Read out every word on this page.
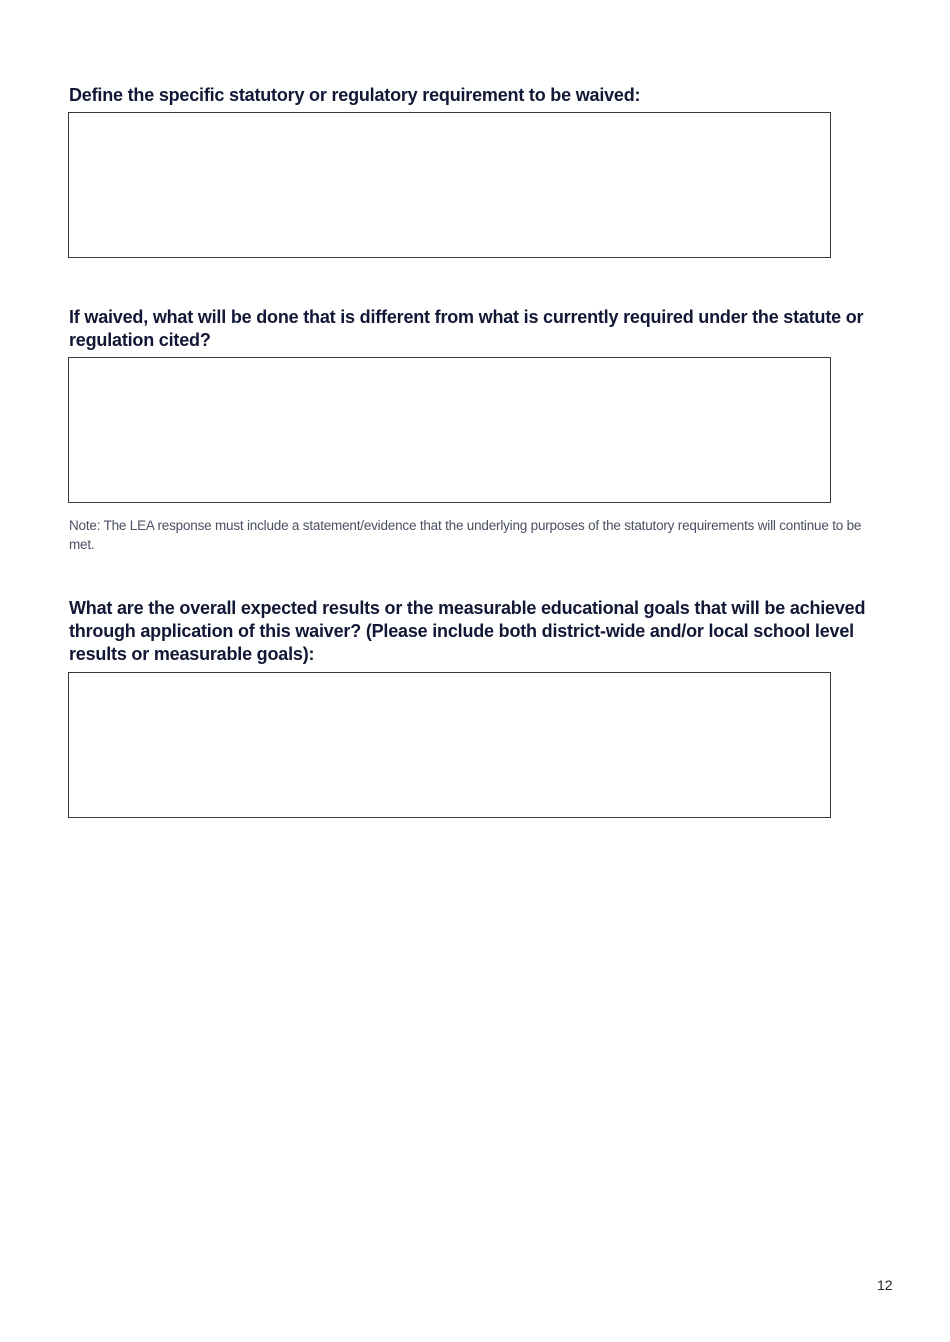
Define the specific statutory or regulatory requirement to be waived:

If waived, what will be done that is different from what is currently required under the statute or regulation cited?

Note: The LEA response must include a statement/evidence that the underlying purposes of the statutory requirements will continue to be met.

What are the overall expected results or the measurable educational goals that will be achieved through application of this waiver? (Please include both district-wide and/or local school level results or measurable goals):

12
